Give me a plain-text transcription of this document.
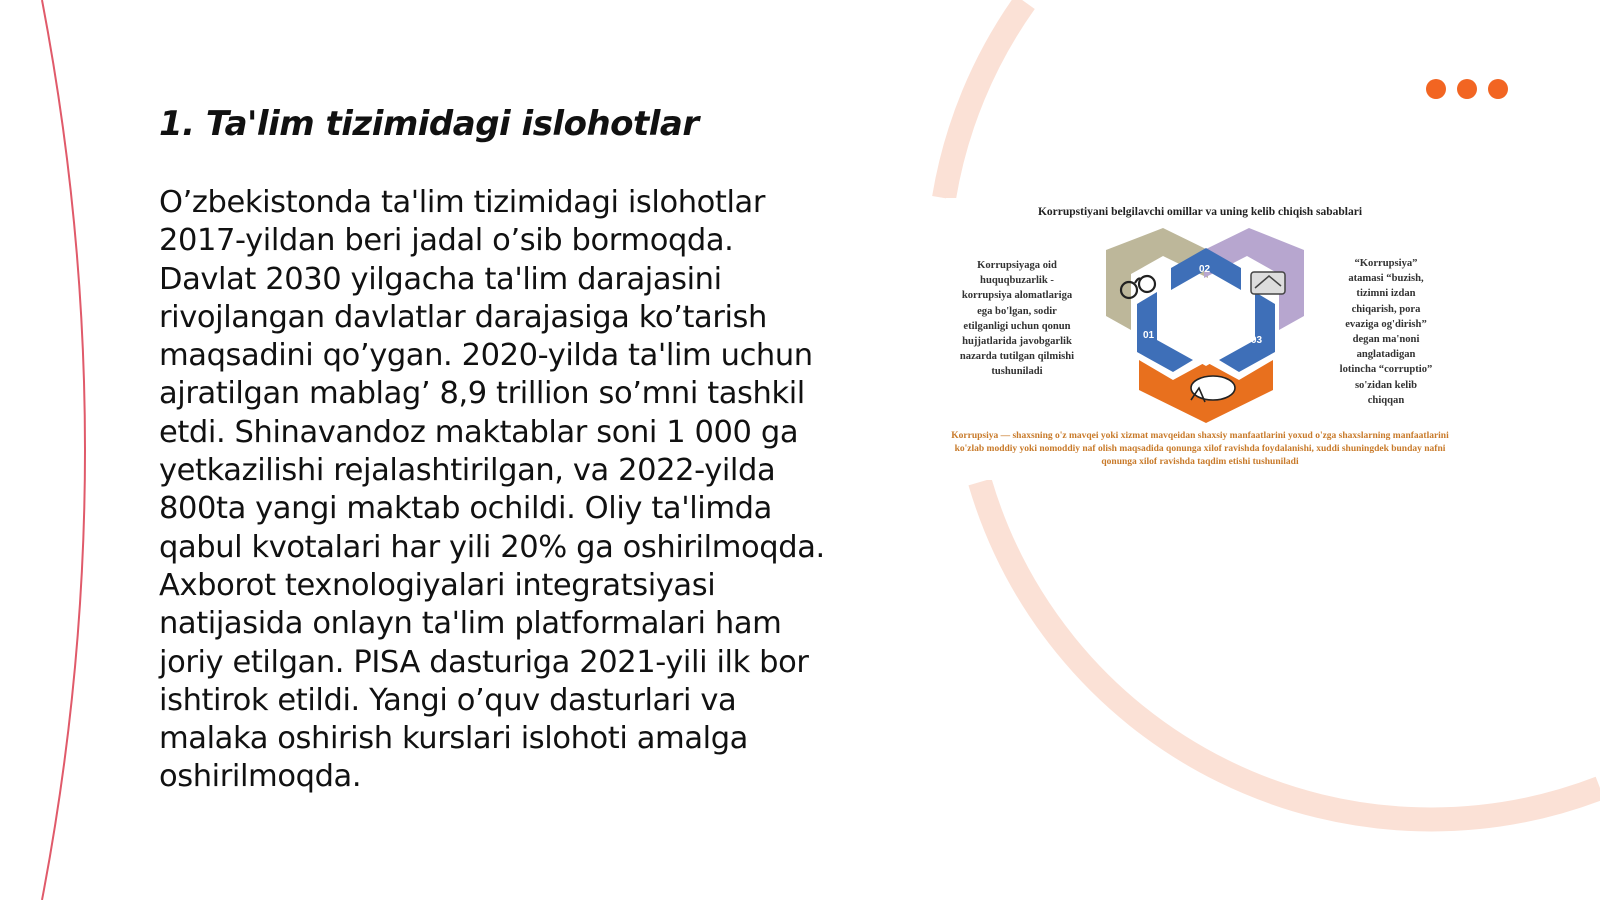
1. Ta'lim tizimidagi islohotlar

O’zbekistonda ta'lim tizimidagi islohotlar 2017-yildan beri jadal o’sib bormoqda. Davlat 2030 yilgacha ta'lim darajasini rivojlangan davlatlar darajasiga ko’tarish maqsadini qo’ygan. 2020-yilda ta'lim uchun ajratilgan mablag’ 8,9 trillion so’mni tashkil etdi. Shinavandoz maktablar soni 1 000 ga yetkazilishi rejalashtirilgan, va 2022-yilda 800ta yangi maktab ochildi. Oliy ta'limda qabul kvotalari har yili 20% ga oshirilmoqda. Axborot texnologiyalari integratsiyasi natijasida onlayn ta'lim platformalari ham joriy etilgan. PISA dasturiga 2021-yili ilk bor ishtirok etildi. Yangi o’quv dasturlari va malaka oshirish kurslari islohoti amalga oshirilmoqda.

Korrupstiyani belgilavchi omillar va uning kelib chiqish sabablari
Korrupsiyaga oid
huquqbuzarlik -
korrupsiya alomatlariga
ega bo'lgan, sodir
etilganligi uchun qonun
hujjatlarida javobgarlik
nazarda tutilgan qilmishi
tushuniladi
“Korrupsiya”
atamasi “buzish,
tizimni izdan
chiqarish, pora
evaziga og'dirish”
degan ma'noni
anglatadigan
lotincha “corruptio”
so'zidan kelib
chiqqan
02
01	03
Korrupsiya — shaxsning o'z mavqei yoki xizmat mavqeidan shaxsiy manfaatlarini yoxud o'zga shaxslarning manfaatlarini ko'zlab moddiy yoki nomoddiy naf olish maqsadida qonunga xilof ravishda foydalanishi, xuddi shuningdek bunday nafni qonunga xilof ravishda taqdim etishi tushuniladi
